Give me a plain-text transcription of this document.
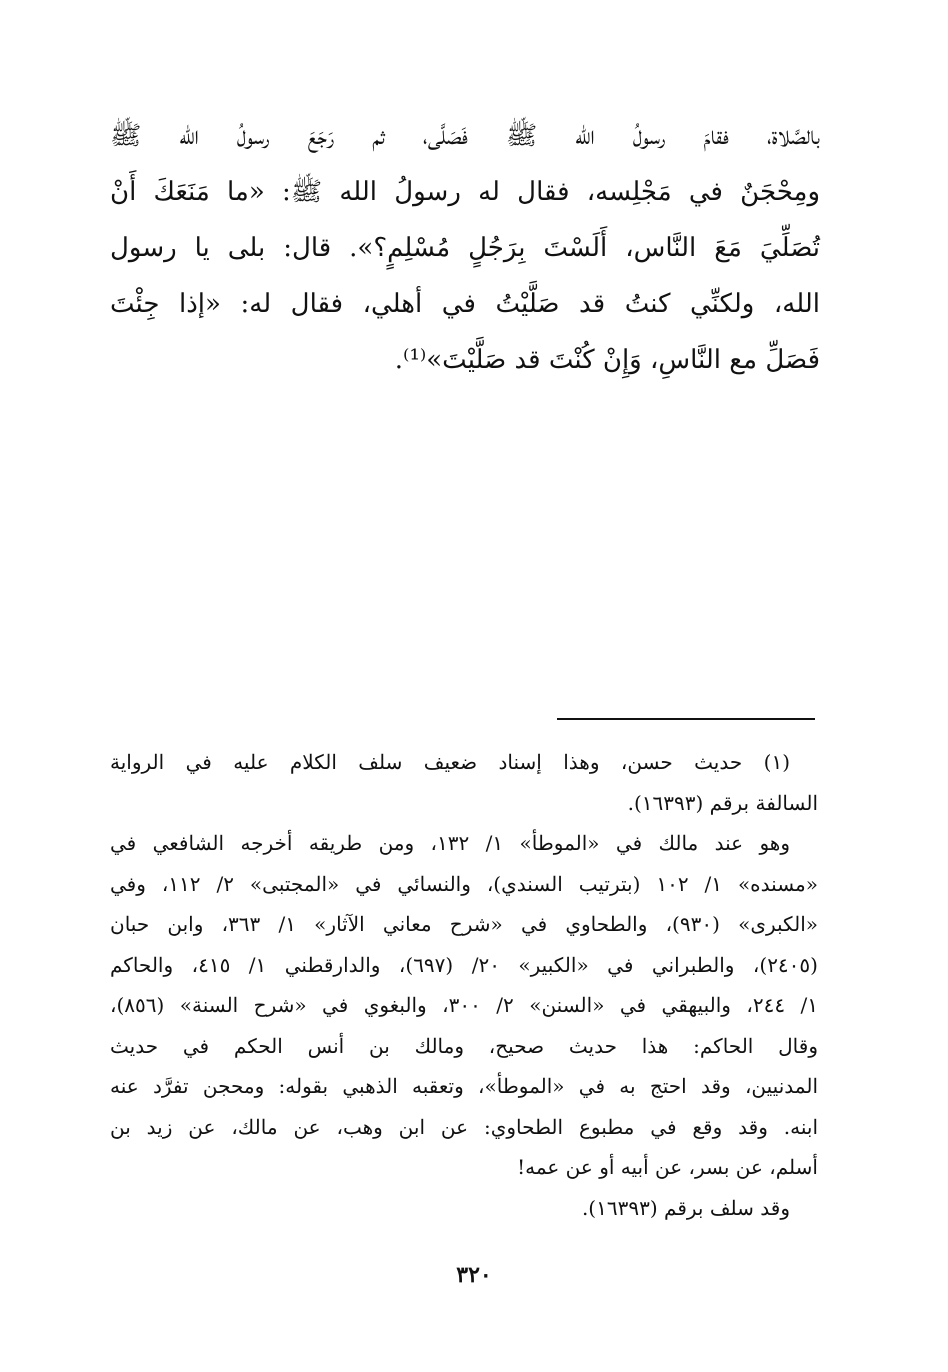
بالصَّلاة، فقامَ رسولُ الله ﷺ فَصَلَّى، ثم رَجَعَ رسولُ الله ﷺ
ومِحْجَنٌ في مَجْلِسه، فقال له رسولُ الله ﷺ: «ما مَنَعَكَ أَنْ
تُصَلِّيَ مَعَ النَّاس، أَلَسْتَ بِرَجُلٍ مُسْلِمٍ؟». قال: بلى يا رسول
الله، ولكنِّي كنتُ قد صَلَّيْتُ في أهلي، فقال له: «إذا جِئْتَ
فَصَلِّ مع النَّاسِ، وَإِنْ كُنْتَ قد صَلَّيْتَ»⁽¹⁾.
(١) حديث حسن، وهذا إسناد ضعيف سلف الكلام عليه في الرواية
السالفة برقم (١٦٣٩٣).
وهو عند مالك في «الموطأ» ١/ ١٣٢، ومن طريقه أخرجه الشافعي في
«مسنده» ١/ ١٠٢ (بترتيب السندي)، والنسائي في «المجتبى» ٢/ ١١٢، وفي
«الكبرى» (٩٣٠)، والطحاوي في «شرح معاني الآثار» ١/ ٣٦٣، وابن حبان
(٢٤٠٥)، والطبراني في «الكبير» ٢٠/ (٦٩٧)، والدارقطني ١/ ٤١٥، والحاكم
١/ ٢٤٤، والبيهقي في «السنن» ٢/ ٣٠٠، والبغوي في «شرح السنة» (٨٥٦)،
وقال الحاكم: هذا حديث صحيح، ومالك بن أنس الحكم في حديث
المدنيين، وقد احتج به في «الموطأ»، وتعقبه الذهبي بقوله: ومحجن تفرَّد عنه
ابنه. وقد وقع في مطبوع الطحاوي: عن ابن وهب، عن مالك، عن زيد بن
أسلم، عن بسر، عن أبيه أو عن عمه!
وقد سلف برقم (١٦٣٩٣).
٣٢٠
